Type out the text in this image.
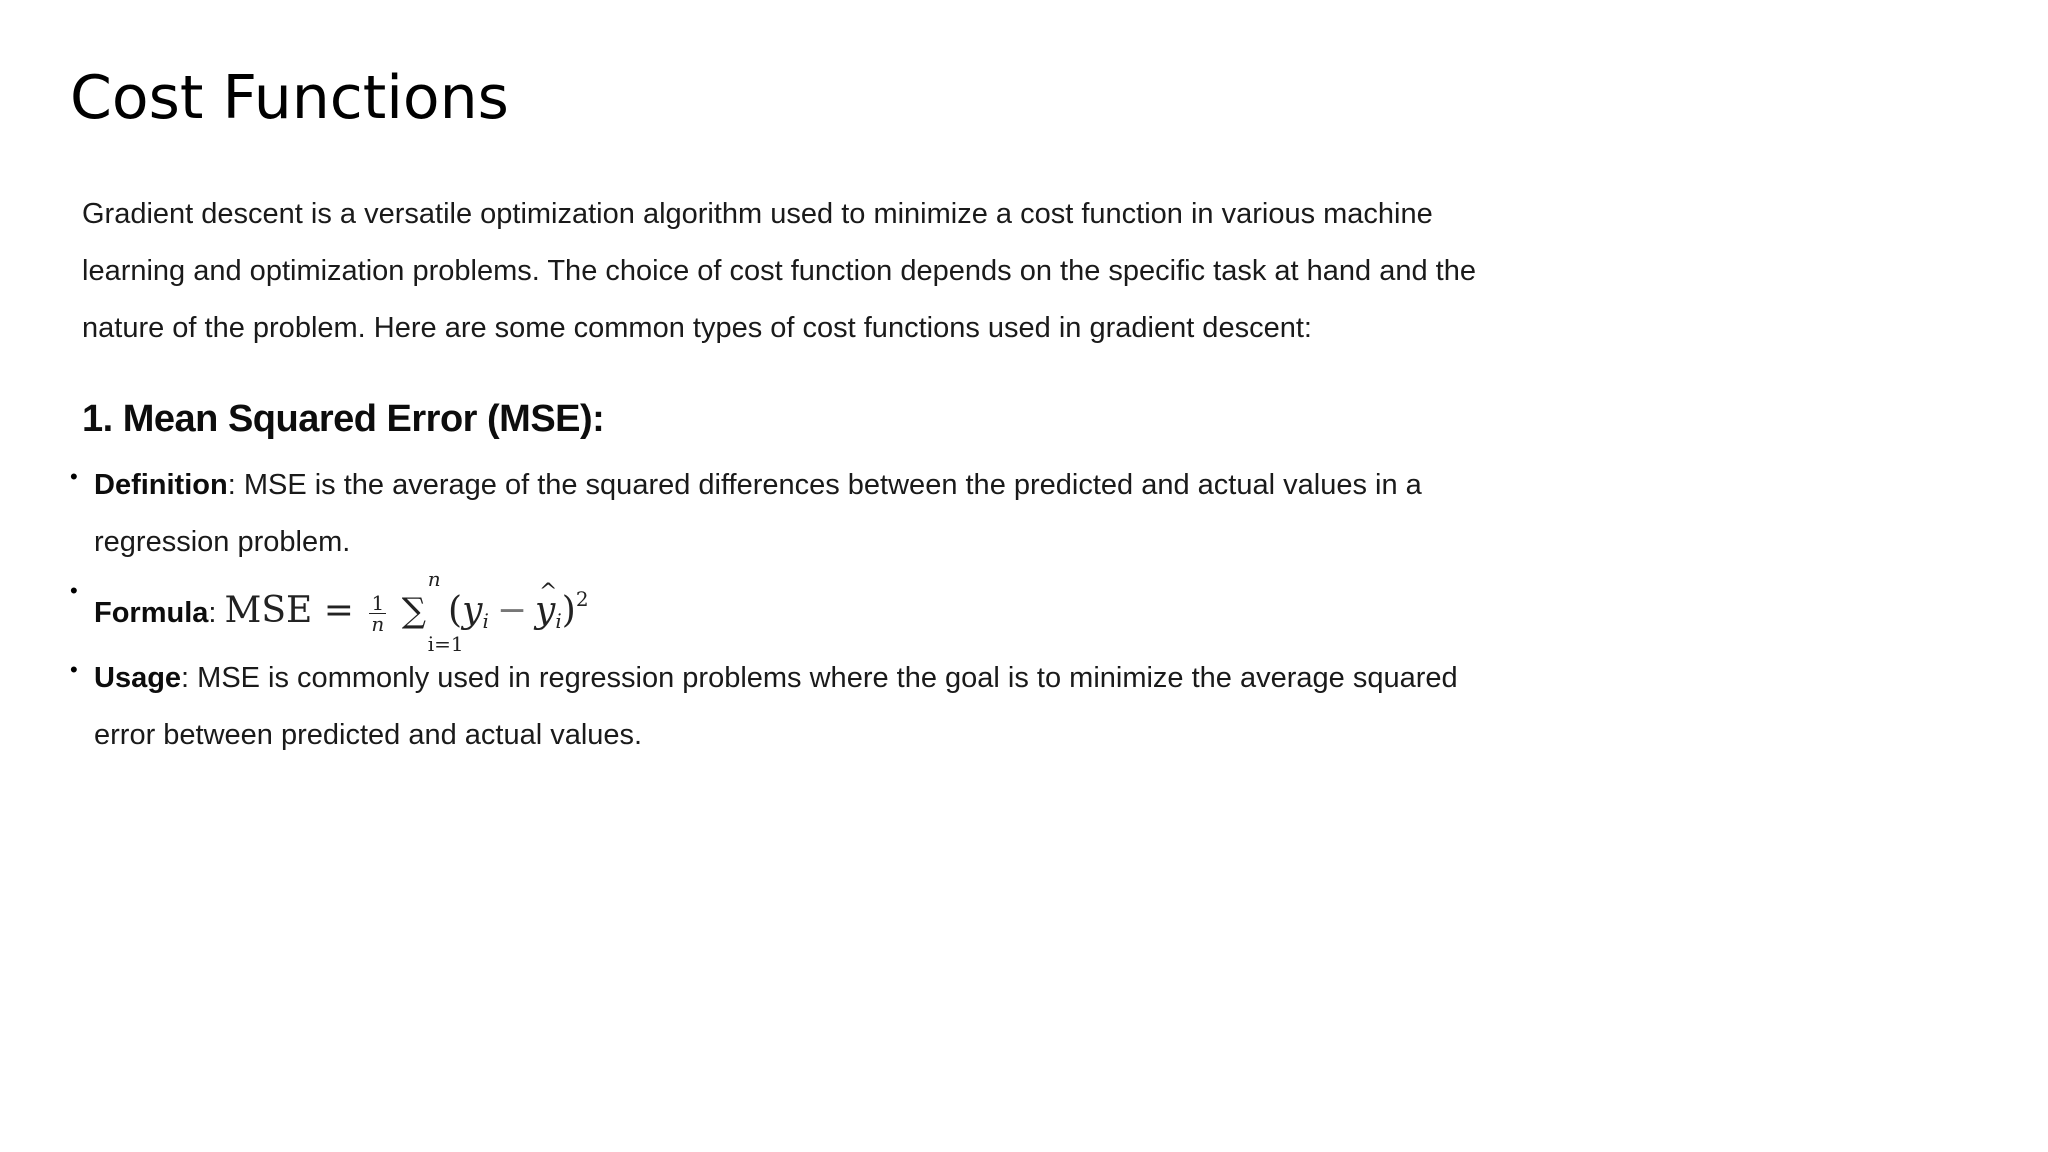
Cost Functions

Gradient descent is a versatile optimization algorithm used to minimize a cost function in various machine learning and optimization problems. The choice of cost function depends on the specific task at hand and the nature of the problem. Here are some common types of cost functions used in gradient descent:

1. Mean Squared Error (MSE):
• Definition: MSE is the average of the squared differences between the predicted and actual values in a regression problem.
•
Formula: MSE = $\frac{1}{n}$ ∑
n
i=1
(yi −^ yi)$^2$
• Usage: MSE is commonly used in regression problems where the goal is to minimize the average squared error between predicted and actual values.
